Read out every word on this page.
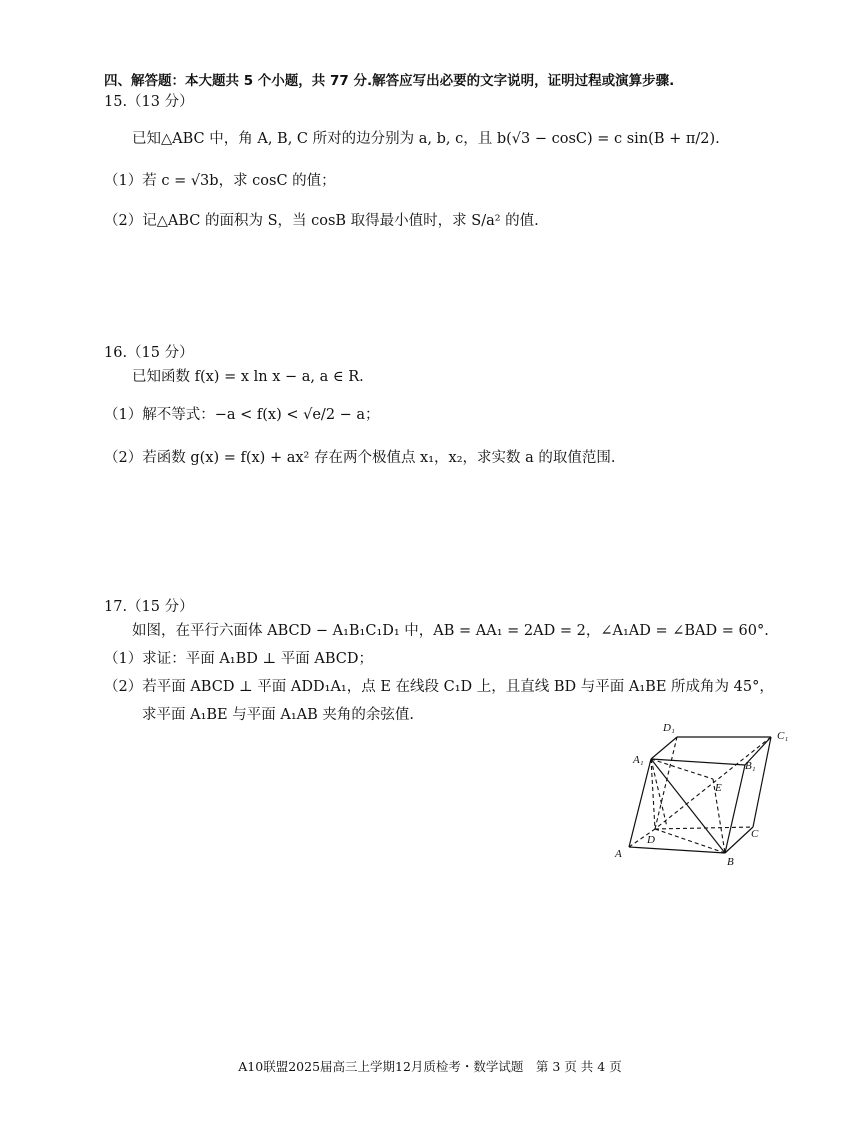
四、解答题：本大题共 5 个小题，共 77 分.解答应写出必要的文字说明，证明过程或演算步骤.
15.（13 分）
已知△ABC 中，角 A, B, C 所对的边分别为 a, b, c，且 b(√3 − cosC) = c sin(B + π/2).
（1）若 c = √3b，求 cosC 的值；
（2）记△ABC 的面积为 S，当 cosB 取得最小值时，求 S/a² 的值.
16.（15 分）
已知函数 f(x) = x ln x − a, a ∈ R.
（1）解不等式：−a < f(x) < √e/2 − a；
（2）若函数 g(x) = f(x) + ax² 存在两个极值点 x₁，x₂，求实数 a 的取值范围.
17.（15 分）
如图，在平行六面体 ABCD − A₁B₁C₁D₁ 中，AB = AA₁ = 2AD = 2，∠A₁AD = ∠BAD = 60°.
（1）求证：平面 A₁BD ⊥ 平面 ABCD；
（2）若平面 ABCD ⊥ 平面 ADD₁A₁，点 E 在线段 C₁D 上，且直线 BD 与平面 A₁BE 所成角为 45°，
求平面 A₁BE 与平面 A₁AB 夹角的余弦值.
D₁
C₁
A₁	B₁
E
D	C
A
B
A10联盟2025届高三上学期12月质检考・数学试题　第 3 页 共 4 页
